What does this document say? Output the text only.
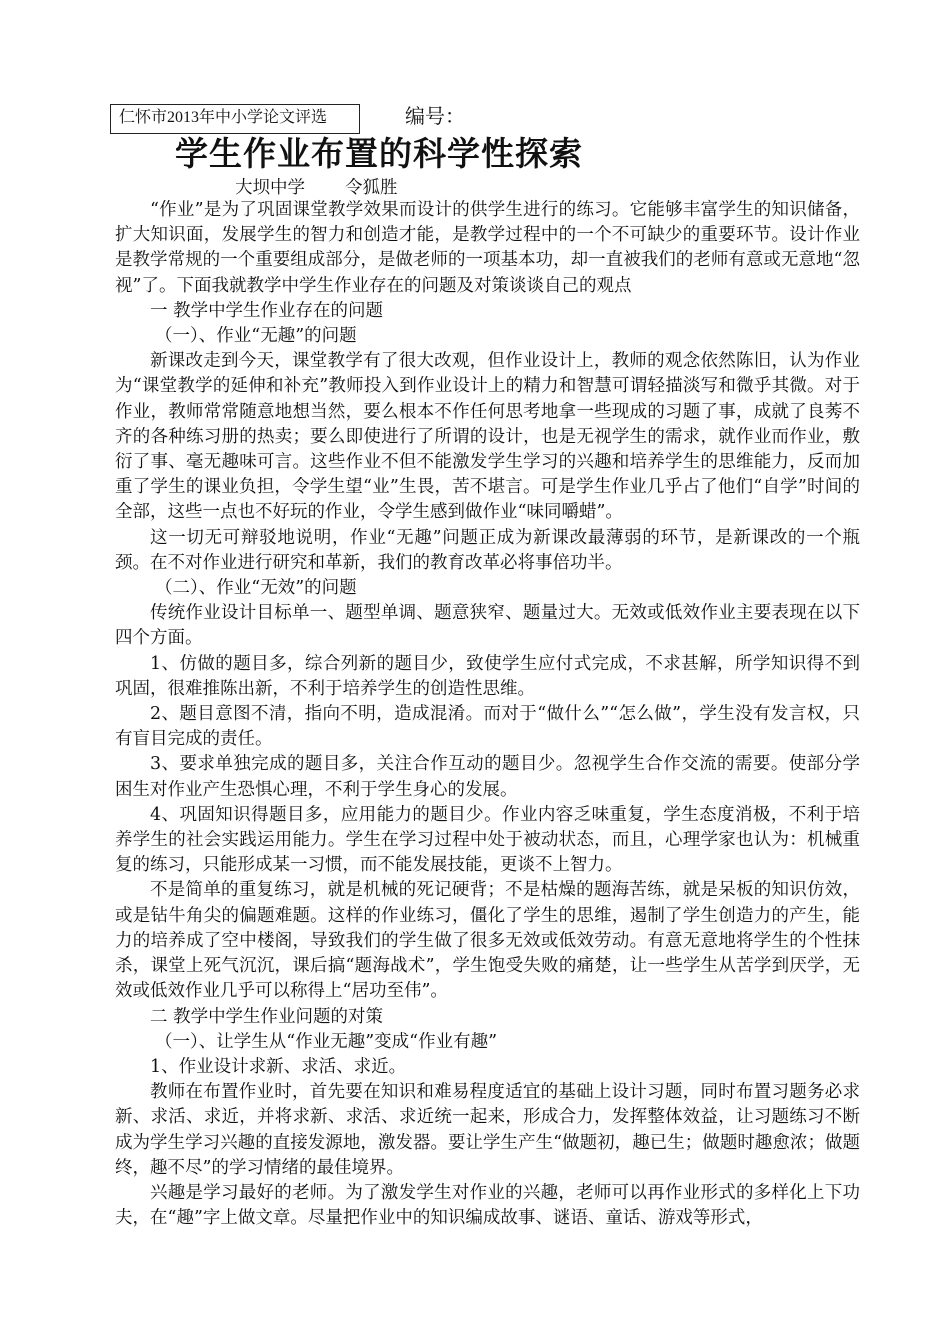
仁怀市2013年中小学论文评选	编号：
学生作业布置的科学性探索
大坝中学 令狐胜

“作业”是为了巩固课堂教学效果而设计的供学生进行的练习。它能够丰富学生的知识储备，扩大知识面，发展学生的智力和创造才能，是教学过程中的一个不可缺少的重要环节。设计作业是教学常规的一个重要组成部分，是做老师的一项基本功，却一直被我们的老师有意或无意地“忽视”了。下面我就教学中学生作业存在的问题及对策谈谈自己的观点

一 教学中学生作业存在的问题

（一）、作业“无趣”的问题

新课改走到今天，课堂教学有了很大改观，但作业设计上，教师的观念依然陈旧，认为作业为“课堂教学的延伸和补充”教师投入到作业设计上的精力和智慧可谓轻描淡写和微乎其微。对于作业，教师常常随意地想当然，要么根本不作任何思考地拿一些现成的习题了事，成就了良莠不齐的各种练习册的热卖；要么即使进行了所谓的设计，也是无视学生的需求，就作业而作业，敷衍了事、毫无趣味可言。这些作业不但不能激发学生学习的兴趣和培养学生的思维能力，反而加重了学生的课业负担，令学生望“业”生畏，苦不堪言。可是学生作业几乎占了他们“自学”时间的全部，这些一点也不好玩的作业，令学生感到做作业“味同嚼蜡”。

这一切无可辩驳地说明，作业“无趣”问题正成为新课改最薄弱的环节，是新课改的一个瓶颈。在不对作业进行研究和革新，我们的教育改革必将事倍功半。

（二）、作业“无效”的问题

传统作业设计目标单一、题型单调、题意狭窄、题量过大。无效或低效作业主要表现在以下四个方面。

1、仿做的题目多，综合列新的题目少，致使学生应付式完成，不求甚解，所学知识得不到巩固，很难推陈出新，不利于培养学生的创造性思维。

2、题目意图不清，指向不明，造成混淆。而对于“做什么”“怎么做”，学生没有发言权，只有盲目完成的责任。

3、要求单独完成的题目多，关注合作互动的题目少。忽视学生合作交流的需要。使部分学困生对作业产生恐惧心理，不利于学生身心的发展。

4、巩固知识得题目多，应用能力的题目少。作业内容乏味重复，学生态度消极，不利于培养学生的社会实践运用能力。学生在学习过程中处于被动状态，而且，心理学家也认为：机械重复的练习，只能形成某一习惯，而不能发展技能，更谈不上智力。

不是简单的重复练习，就是机械的死记硬背；不是枯燥的题海苦练，就是呆板的知识仿效，或是钻牛角尖的偏题难题。这样的作业练习，僵化了学生的思维，遏制了学生创造力的产生，能力的培养成了空中楼阁，导致我们的学生做了很多无效或低效劳动。有意无意地将学生的个性抹杀，课堂上死气沉沉，课后搞“题海战术”，学生饱受失败的痛楚，让一些学生从苦学到厌学，无效或低效作业几乎可以称得上“居功至伟”。

二 教学中学生作业问题的对策

（一）、让学生从“作业无趣”变成“作业有趣”

1、作业设计求新、求活、求近。

教师在布置作业时，首先要在知识和难易程度适宜的基础上设计习题，同时布置习题务必求新、求活、求近，并将求新、求活、求近统一起来，形成合力，发挥整体效益，让习题练习不断成为学生学习兴趣的直接发源地，激发器。要让学生产生“做题初，趣已生；做题时趣愈浓；做题终，趣不尽”的学习情绪的最佳境界。

兴趣是学习最好的老师。为了激发学生对作业的兴趣，老师可以再作业形式的多样化上下功夫，在“趣”字上做文章。尽量把作业中的知识编成故事、谜语、童话、游戏等形式，
